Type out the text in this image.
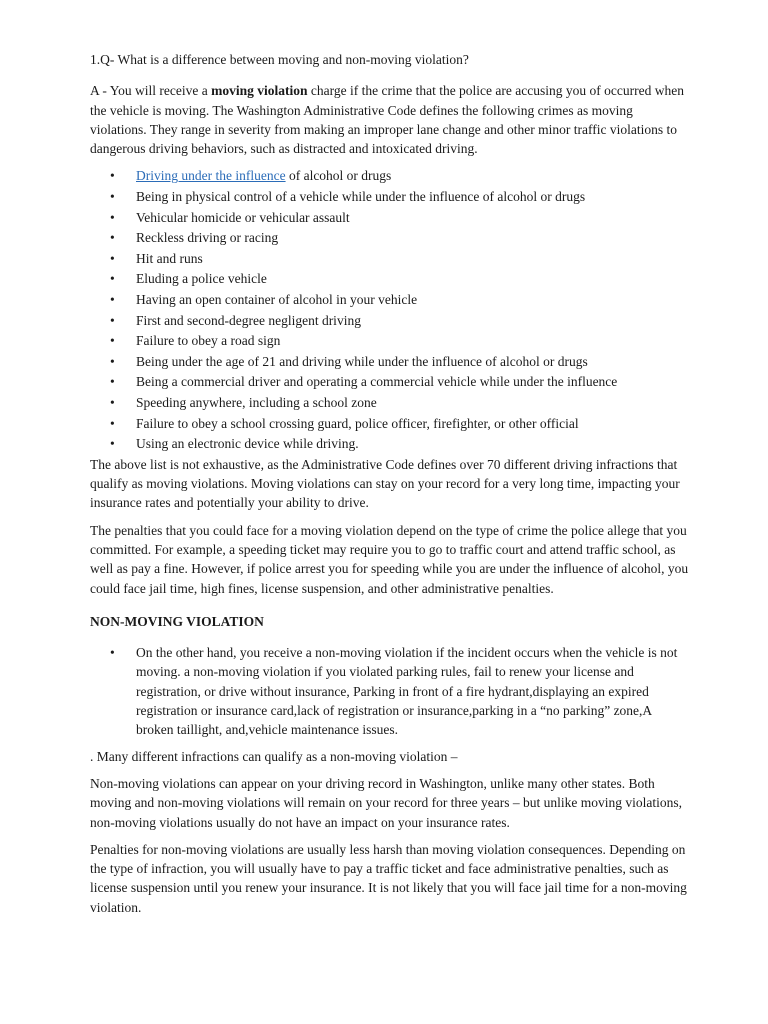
1.Q- What is a difference between moving and non-moving violation?

A - You will receive a moving violation charge if the crime that the police are accusing you of occurred when the vehicle is moving. The Washington Administrative Code defines the following crimes as moving violations. They range in severity from making an improper lane change and other minor traffic violations to dangerous driving behaviors, such as distracted and intoxicated driving.

• Driving under the influence of alcohol or drugs
• Being in physical control of a vehicle while under the influence of alcohol or drugs
• Vehicular homicide or vehicular assault
• Reckless driving or racing
• Hit and runs
• Eluding a police vehicle
• Having an open container of alcohol in your vehicle
• First and second-degree negligent driving
• Failure to obey a road sign
• Being under the age of 21 and driving while under the influence of alcohol or drugs
• Being a commercial driver and operating a commercial vehicle while under the influence
• Speeding anywhere, including a school zone
• Failure to obey a school crossing guard, police officer, firefighter, or other official
• Using an electronic device while driving.

The above list is not exhaustive, as the Administrative Code defines over 70 different driving infractions that qualify as moving violations. Moving violations can stay on your record for a very long time, impacting your insurance rates and potentially your ability to drive.

The penalties that you could face for a moving violation depend on the type of crime the police allege that you committed. For example, a speeding ticket may require you to go to traffic court and attend traffic school, as well as pay a fine. However, if police arrest you for speeding while you are under the influence of alcohol, you could face jail time, high fines, license suspension, and other administrative penalties.

NON-MOVING VIOLATION

• On the other hand, you receive a non-moving violation if the incident occurs when the vehicle is not moving. a non-moving violation if you violated parking rules, fail to renew your license and registration, or drive without insurance, Parking in front of a fire hydrant,displaying an expired registration or insurance card,lack of registration or insurance,parking in a “no parking” zone,A broken taillight, and,vehicle maintenance issues.

. Many different infractions can qualify as a non-moving violation –

Non-moving violations can appear on your driving record in Washington, unlike many other states. Both moving and non-moving violations will remain on your record for three years – but unlike moving violations, non-moving violations usually do not have an impact on your insurance rates.

Penalties for non-moving violations are usually less harsh than moving violation consequences. Depending on the type of infraction, you will usually have to pay a traffic ticket and face administrative penalties, such as license suspension until you renew your insurance. It is not likely that you will face jail time for a non-moving violation.
